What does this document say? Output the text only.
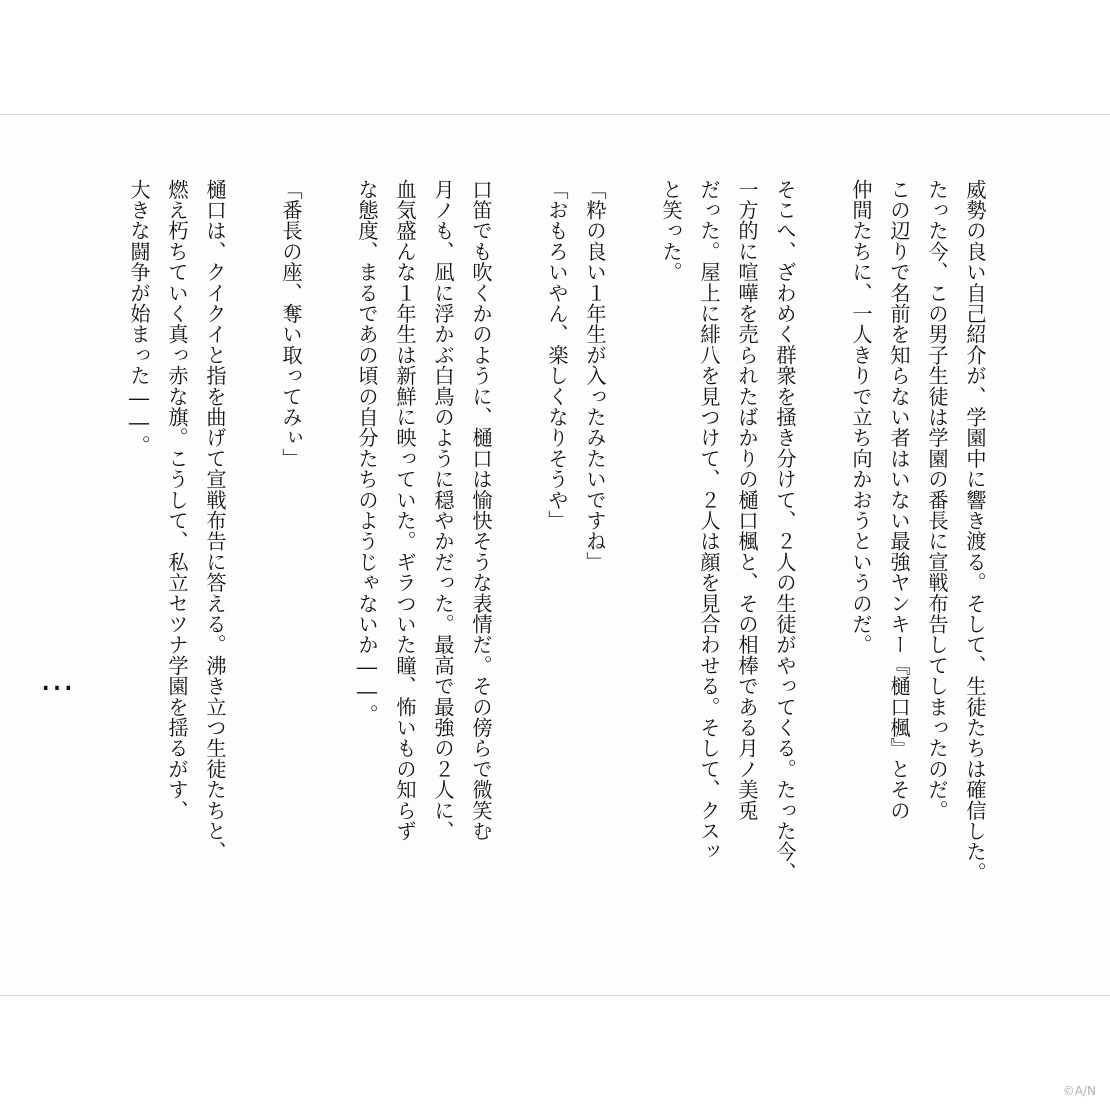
威勢の良い自己紹介が、学園中に響き渡る。そして、生徒たちは確信した。
たった今、この男子生徒は学園の番長に宣戦布告してしまったのだ。
この辺りで名前を知らない者はいない最強ヤンキー『樋口楓』とその
仲間たちに、一人きりで立ち向かおうというのだ。
そこへ、ざわめく群衆を掻き分けて、２人の生徒がやってくる。たった今、
一方的に喧嘩を売られたばかりの樋口楓と、その相棒である月ノ美兎
だった。屋上に緋八を見つけて、２人は顔を見合わせる。そして、クスッ
と笑った。
「粋の良い１年生が入ったみたいですね」
「おもろいやん、楽しくなりそうや」
口笛でも吹くかのように、樋口は愉快そうな表情だ。その傍らで微笑む
月ノも、凪に浮かぶ白鳥のように穏やかだった。最高で最強の２人に、
血気盛んな１年生は新鮮に映っていた。ギラついた瞳、怖いもの知らず
な態度、まるであの頃の自分たちのようじゃないか――。
「番長の座、奪い取ってみぃ」
樋口は、クイクイと指を曲げて宣戦布告に答える。沸き立つ生徒たちと、
燃え朽ちていく真っ赤な旗。こうして、私立セツナ学園を揺るがす、
大きな闘争が始まった――。
…
©A/N
